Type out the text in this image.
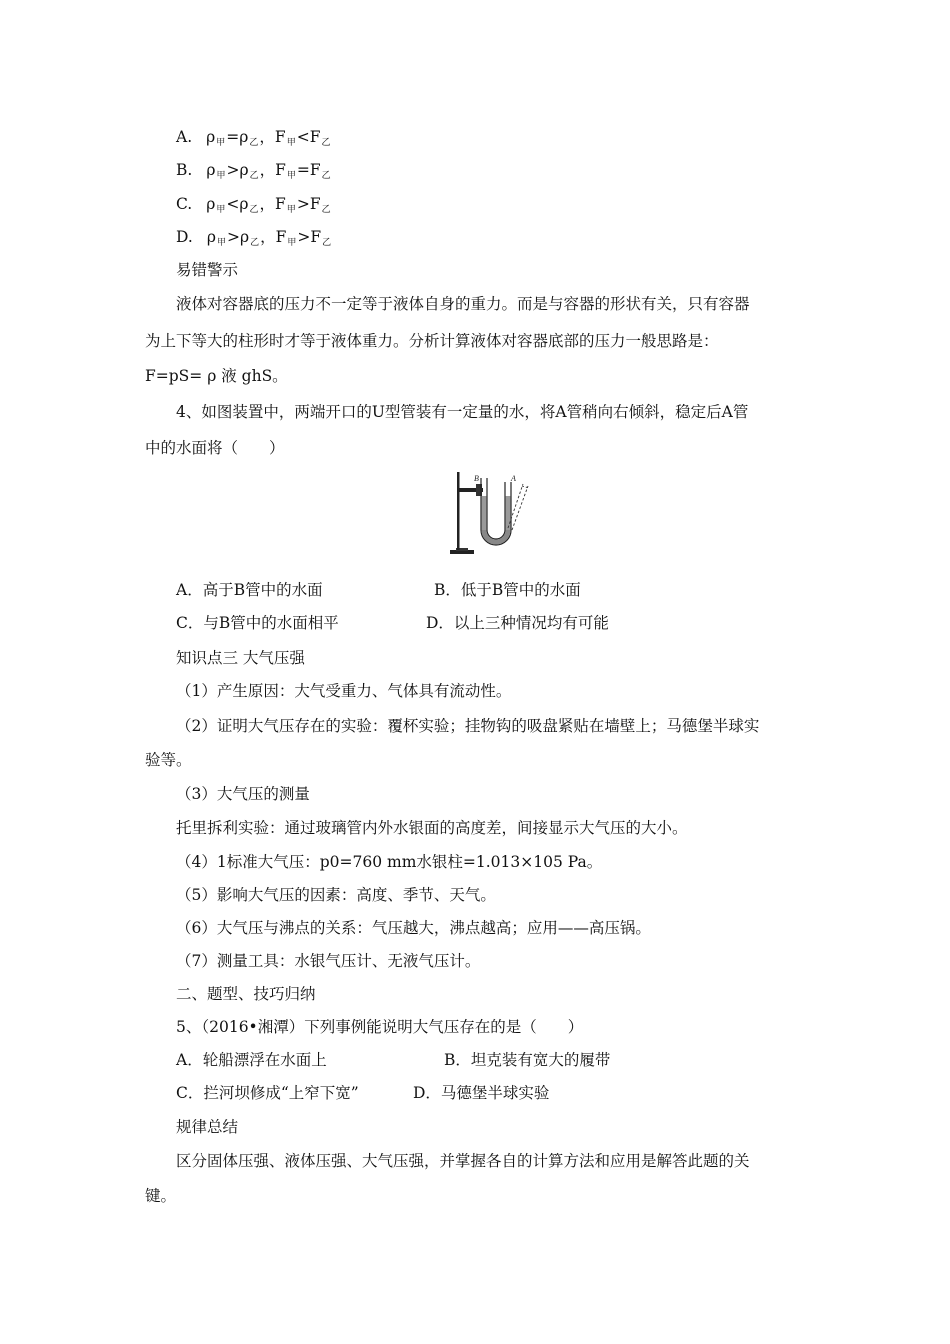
A. $\rho_甲=\rho_乙$，$F_甲<F_乙$
B. $\rho_甲>\rho_乙$，$F_甲=F_乙$
C. $\rho_甲<\rho_乙$，$F_甲>F_乙$
D. $\rho_甲>\rho_乙$，$F_甲>F_乙$
易错警示
液体对容器底的压力不一定等于液体自身的重力。而是与容器的形状有关，只有容器
为上下等大的柱形时才等于液体重力。分析计算液体对容器底部的压力一般思路是：
F=pS= ρ 液 ghS。
4、如图装置中，两端开口的U型管装有一定量的水，将A管稍向右倾斜，稳定后A管
中的水面将（　　）
B	A
A．高于B管中的水面	B．低于B管中的水面
C．与B管中的水面相平	D．以上三种情况均有可能
知识点三 大气压强
（1）产生原因：大气受重力、气体具有流动性。
（2）证明大气压存在的实验：覆杯实验；挂物钩的吸盘紧贴在墙壁上；马德堡半球实
验等。
（3）大气压的测量
托里拆利实验：通过玻璃管内外水银面的高度差，间接显示大气压的大小。
（4）1标准大气压：p0=760 mm水银柱=1.013×105 Pa。
（5）影响大气压的因素：高度、季节、天气。
（6）大气压与沸点的关系：气压越大，沸点越高；应用——高压锅。
（7）测量工具：水银气压计、无液气压计。
二、题型、技巧归纳
5、（2016•湘潭）下列事例能说明大气压存在的是（　　）
A．轮船漂浮在水面上	B．坦克装有宽大的履带
C．拦河坝修成“上窄下宽”	D．马德堡半球实验
规律总结
区分固体压强、液体压强、大气压强，并掌握各自的计算方法和应用是解答此题的关
键。
